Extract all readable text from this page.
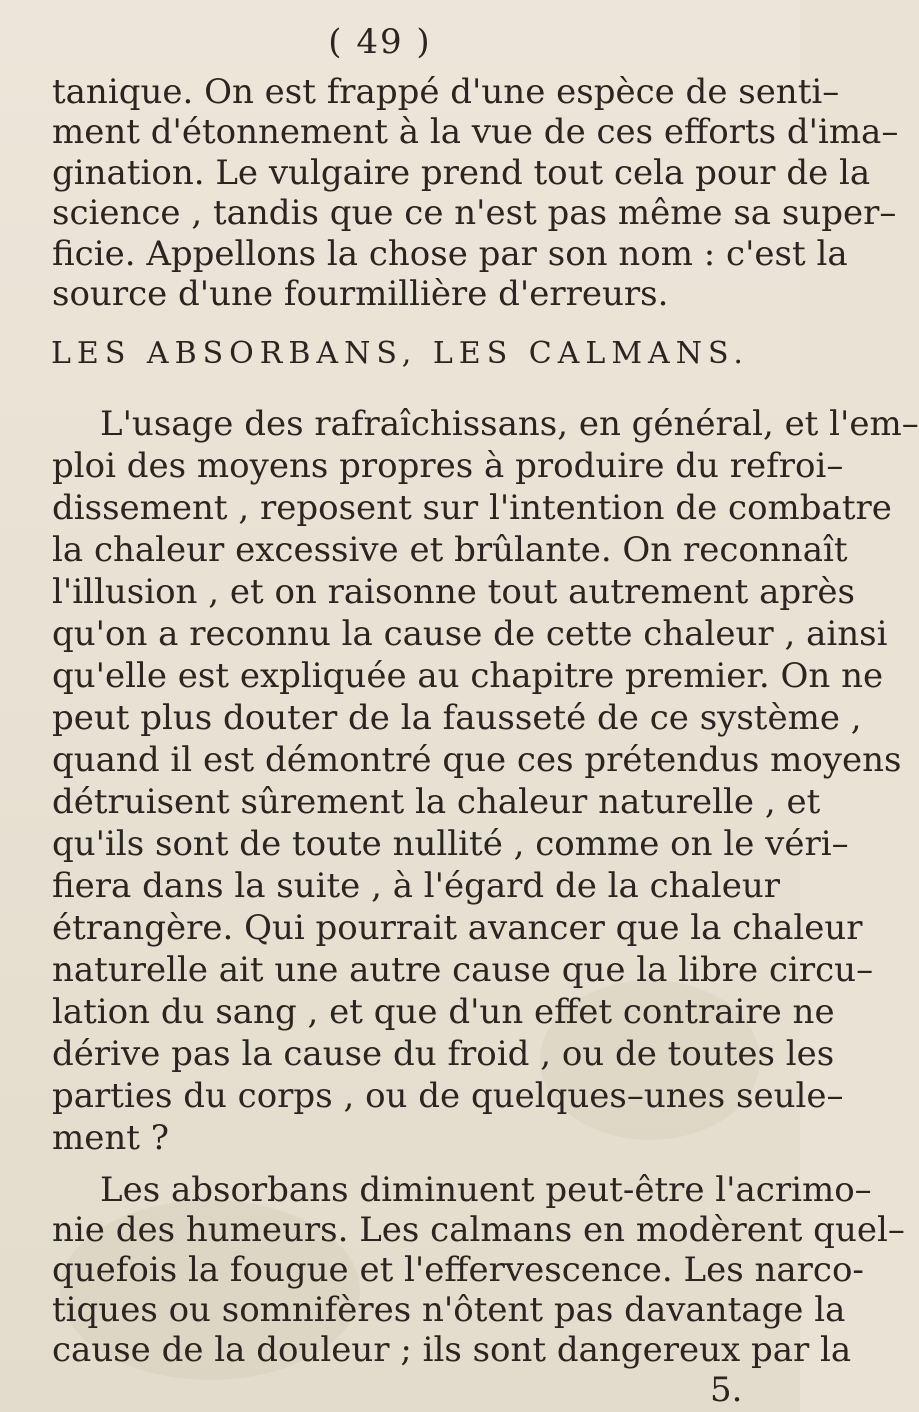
( 49 )
tanique. On est frappé d'une espèce de senti–
ment d'étonnement à la vue de ces efforts d'ima–
gination. Le vulgaire prend tout cela pour de la
science , tandis que ce n'est pas même sa super–
ficie. Appellons la chose par son nom : c'est la
source d'une fourmillière d'erreurs.
LES ABSORBANS, LES CALMANS.
L'usage des rafraîchissans, en général, et l'em–
ploi des moyens propres à produire du refroi–
dissement , reposent sur l'intention de combatre
la chaleur excessive et brûlante. On reconnaît
l'illusion , et on raisonne tout autrement après
qu'on a reconnu la cause de cette chaleur , ainsi
qu'elle est expliquée au chapitre premier. On ne
peut plus douter de la fausseté de ce système ,
quand il est démontré que ces prétendus moyens
détruisent sûrement la chaleur naturelle , et
qu'ils sont de toute nullité , comme on le véri–
fiera dans la suite , à l'égard de la chaleur
étrangère. Qui pourrait avancer que la chaleur
naturelle ait une autre cause que la libre circu–
lation du sang , et que d'un effet contraire ne
dérive pas la cause du froid , ou de toutes les
parties du corps , ou de quelques–unes seule–
ment ?
Les absorbans diminuent peut-être l'acrimo–
nie des humeurs. Les calmans en modèrent quel–
quefois la fougue et l'effervescence. Les narco-
tiques ou somnifères n'ôtent pas davantage la
cause de la douleur ; ils sont dangereux par la
5.
